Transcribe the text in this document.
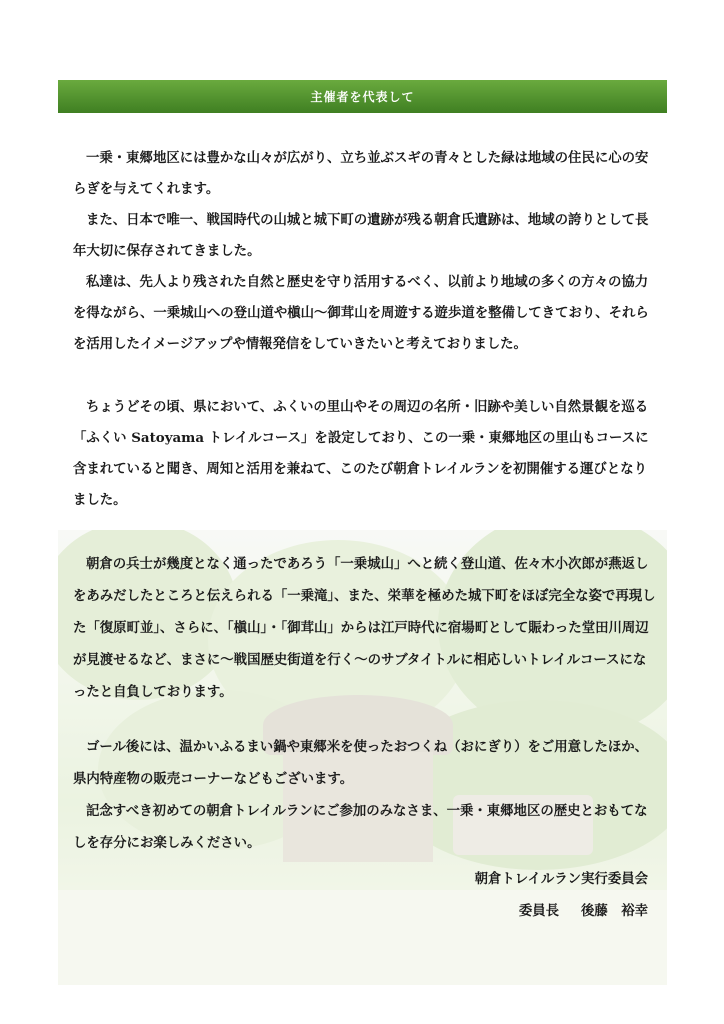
主催者を代表して

一乗・東郷地区には豊かな山々が広がり、立ち並ぶスギの青々とした緑は地域の住民に心の安らぎを与えてくれます。

また、日本で唯一、戦国時代の山城と城下町の遺跡が残る朝倉氏遺跡は、地域の誇りとして長年大切に保存されてきました。

私達は、先人より残された自然と歴史を守り活用するべく、以前より地域の多くの方々の協力を得ながら、一乗城山への登山道や槇山～御茸山を周遊する遊歩道を整備してきており、それらを活用したイメージアップや情報発信をしていきたいと考えておりました。

ちょうどその頃、県において、ふくいの里山やその周辺の名所・旧跡や美しい自然景観を巡る「ふくい Satoyama トレイルコース」を設定しており、この一乗・東郷地区の里山もコースに含まれていると聞き、周知と活用を兼ねて、このたび朝倉トレイルランを初開催する運びとなりました。

朝倉の兵士が幾度となく通ったであろう「一乗城山」へと続く登山道、佐々木小次郎が燕返しをあみだしたところと伝えられる「一乗滝」、また、栄華を極めた城下町をほぼ完全な姿で再現した「復原町並」、さらに、「槇山」・「御茸山」からは江戸時代に宿場町として賑わった堂田川周辺が見渡せるなど、まさに～戦国歴史街道を行く～のサブタイトルに相応しいトレイルコースになったと自負しております。

ゴール後には、温かいふるまい鍋や東郷米を使ったおつくね（おにぎり）をご用意したほか、県内特産物の販売コーナーなどもございます。

記念すべき初めての朝倉トレイルランにご参加のみなさま、一乗・東郷地区の歴史とおもてなしを存分にお楽しみください。

朝倉トレイルラン実行委員会
委員長 後藤　裕幸
